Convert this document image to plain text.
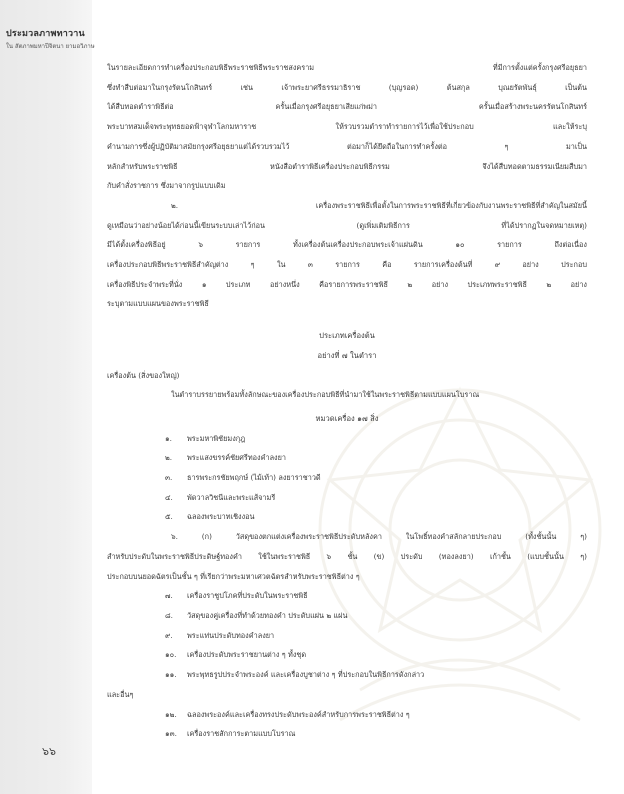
ประมวลภาพทาวาน
ใน สัตภาพมหาปีจิตนา ยามอวิภาษ
๖๖
ในรายละเอียดการทำเครื่องประกอบพิธีพระราชพิธีพระราชสงคราม ที่มีการตั้งแต่ครั้งกรุงศรีอยุธยา
ซึ่งทำสืบต่อมาในกรุงรัตนโกสินทร์ เช่น เจ้าพระยาศรีธรรมาธิราช (บุญรอด) ต้นสกุล บุณยรัตพันธุ์ เป็นต้น
ได้สืบทอดตำราพิธีต่อ ครั้นเมื่อกรุงศรีอยุธยาเสียแก่พม่า ครั้นเมื่อสร้างพระนครรัตนโกสินทร์
พระบาทสมเด็จพระพุทธยอดฟ้าจุฬาโลกมหาราช ให้รวบรวมตำราทำรายการไว้เพื่อใช้ประกอบ และให้ระบุ
คำนามการซึ่งผู้ปฏิบัติมาสมัยกรุงศรีอยุธยาแต่ได้รวบรวมไว้ ต่อมาก็ได้ยึดถือในการทำครั้งต่อ ๆ มาเป็น
หลักสำหรับพระราชพิธี หนังสือตำราพิธีเครื่องประกอบพิธีกรรม จึงได้สืบทอดตามธรรมเนียมสืบมา
กับคำสั่งราชการ ซึ่งมาจากรูปแบบเดิม
๒. เครื่องพระราชพิธีเพื่อตั้งในการพระราชพิธีที่เกี่ยวข้องกับงานพระราชพิธีที่สำคัญในสมัยนี้
ดูเหมือนว่าอย่างน้อยได้ก่อนนี้เขียนระบบเล่าไว้ก่อน (ดูเพิ่มเติมพิธีการ ที่ได้ปรากฏในจดหมายเหตุ)
มีได้ตั้งเครื่องพิธีอยู่ ๖ รายการ ทั้งเครื่องต้นเครื่องประกอบพระเจ้าแผ่นดิน ๑๐ รายการ ถึงต่อเนื่อง
เครื่องประกอบพิธีพระราชพิธีสำคัญต่าง ๆ ใน ๓ รายการ คือ รายการเครื่องต้นที่ ๙ อย่าง ประกอบ
เครื่องพิธีประจำพระที่นั่ง ๑ ประเภท อย่างหนึ่ง คือรายการพระราชพิธี ๒ อย่าง ประเภทพระราชพิธี ๒ อย่าง
ระบุตามแบบแผนของพระราชพิธี
ประเภทเครื่องต้น
อย่างที่ ๗ ในตำรา
เครื่องต้น (สิ่งของใหญ่)
ในตำราบรรยายพร้อมทั้งลักษณะของเครื่องประกอบพิธีที่นำมาใช้ในพระราชพิธีตามแบบแผนโบราณ
หมวดเครื่อง ๑๗ สิ่ง
๑. พระมหาพิชัยมงกุฎ
๒. พระแสงขรรค์ชัยศรีทองคำลงยา
๓. ธารพระกรชัยพฤกษ์ (ไม้เท้า) ลงยาราชาวดี
๔. พัดวาลวิชนีและพระแส้จามรี
๕. ฉลองพระบาทเชิงงอน
๖. (ก) วัสดุของตกแต่งเครื่องพระราชพิธีประดับหลังคา ในโพธิ์ทองคำสลักลายประกอบ (ทั้งชั้นนั้น ๆ)
สำหรับประดับในพระราชพิธีประดิษฐ์ทองคำ ใช้ในพระราชพิธี ๖ ชั้น (ข) ประดับ (ทองลงยา) เก้าชั้น (แบบชั้นนั้น ๆ)
ประกอบบนยอดฉัตรเป็นชั้น ๆ ที่เรียกว่าพระมหาเศวตฉัตรสำหรับพระราชพิธีต่าง ๆ
๗. เครื่องราชูปโภคที่ประดับในพระราชพิธี
๘. วัสดุของคู่เครื่องที่ทำด้วยทองคำ ประดับแผ่น ๒ แผ่น
๙. พระแท่นประดับทองคำลงยา
๑๐. เครื่องประดับพระราชยานต่าง ๆ ทั้งชุด
๑๑. พระพุทธรูปประจำพระองค์ และเครื่องบูชาต่าง ๆ ที่ประกอบในพิธีการดังกล่าว
และอื่นๆ
๑๒. ฉลองพระองค์และเครื่องทรงประดับพระองค์สำหรับการพระราชพิธีต่าง ๆ
๑๓. เครื่องราชสักการะตามแบบโบราณ
